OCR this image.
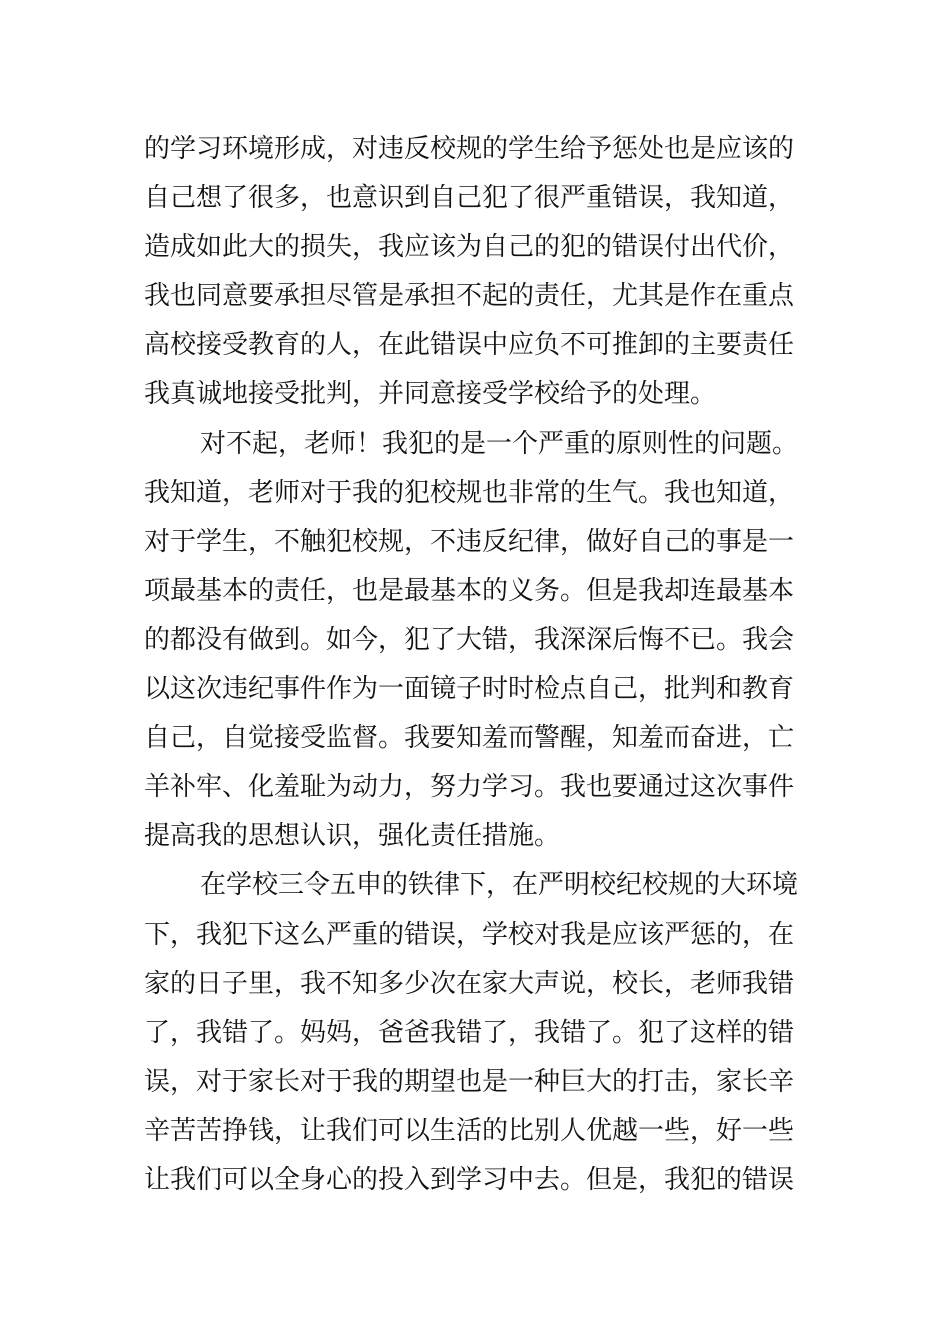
的学习环境形成，对违反校规的学生给予惩处也是应该的
自己想了很多，也意识到自己犯了很严重错误，我知道，
造成如此大的损失，我应该为自己的犯的错误付出代价，
我也同意要承担尽管是承担不起的责任，尤其是作在重点
高校接受教育的人，在此错误中应负不可推卸的主要责任
我真诚地接受批判，并同意接受学校给予的处理。
对不起，老师！我犯的是一个严重的原则性的问题。
我知道，老师对于我的犯校规也非常的生气。我也知道，
对于学生，不触犯校规，不违反纪律，做好自己的事是一
项最基本的责任，也是最基本的义务。但是我却连最基本
的都没有做到。如今，犯了大错，我深深后悔不已。我会
以这次违纪事件作为一面镜子时时检点自己，批判和教育
自己，自觉接受监督。我要知羞而警醒，知羞而奋进，亡
羊补牢、化羞耻为动力，努力学习。我也要通过这次事件
提高我的思想认识，强化责任措施。
在学校三令五申的铁律下，在严明校纪校规的大环境
下，我犯下这么严重的错误，学校对我是应该严惩的，在
家的日子里，我不知多少次在家大声说，校长，老师我错
了，我错了。妈妈，爸爸我错了，我错了。犯了这样的错
误，对于家长对于我的期望也是一种巨大的打击，家长辛
辛苦苦挣钱，让我们可以生活的比别人优越一些，好一些
让我们可以全身心的投入到学习中去。但是，我犯的错误
